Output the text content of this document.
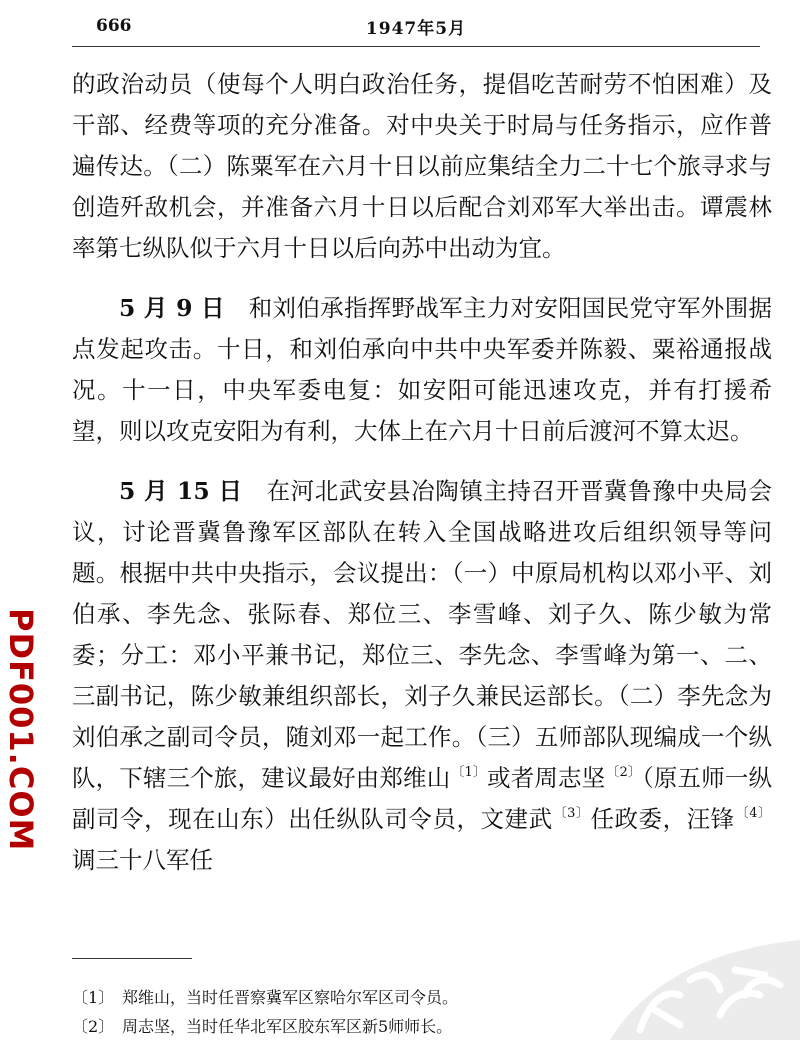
666	1947年5月

的政治动员（使每个人明白政治任务，提倡吃苦耐劳不怕困难）及干部、经费等项的充分准备。对中央关于时局与任务指示，应作普遍传达。（二）陈粟军在六月十日以前应集结全力二十七个旅寻求与创造歼敌机会，并准备六月十日以后配合刘邓军大举出击。谭震林率第七纵队似于六月十日以后向苏中出动为宜。

5 月 9 日 和刘伯承指挥野战军主力对安阳国民党守军外围据点发起攻击。十日，和刘伯承向中共中央军委并陈毅、粟裕通报战况。十一日，中央军委电复：如安阳可能迅速攻克，并有打援希望，则以攻克安阳为有利，大体上在六月十日前后渡河不算太迟。

5 月 15 日 在河北武安县冶陶镇主持召开晋冀鲁豫中央局会议，讨论晋冀鲁豫军区部队在转入全国战略进攻后组织领导等问题。根据中共中央指示，会议提出：（一）中原局机构以邓小平、刘伯承、李先念、张际春、郑位三、李雪峰、刘子久、陈少敏为常委；分工：邓小平兼书记，郑位三、李先念、李雪峰为第一、二、三副书记，陈少敏兼组织部长，刘子久兼民运部长。（二）李先念为刘伯承之副司令员，随刘邓一起工作。（三）五师部队现编成一个纵队，下辖三个旅，建议最好由郑维山$^{〔1〕}$或者周志坚$^{〔2〕}$（原五师一纵副司令，现在山东）出任纵队司令员，文建武$^{〔3〕}$任政委，汪锋$^{〔4〕}$调三十八军任

〔1〕 郑维山，当时任晋察冀军区察哈尔军区司令员。
〔2〕 周志坚，当时任华北军区胶东军区新5师师长。
PDF001.COM
